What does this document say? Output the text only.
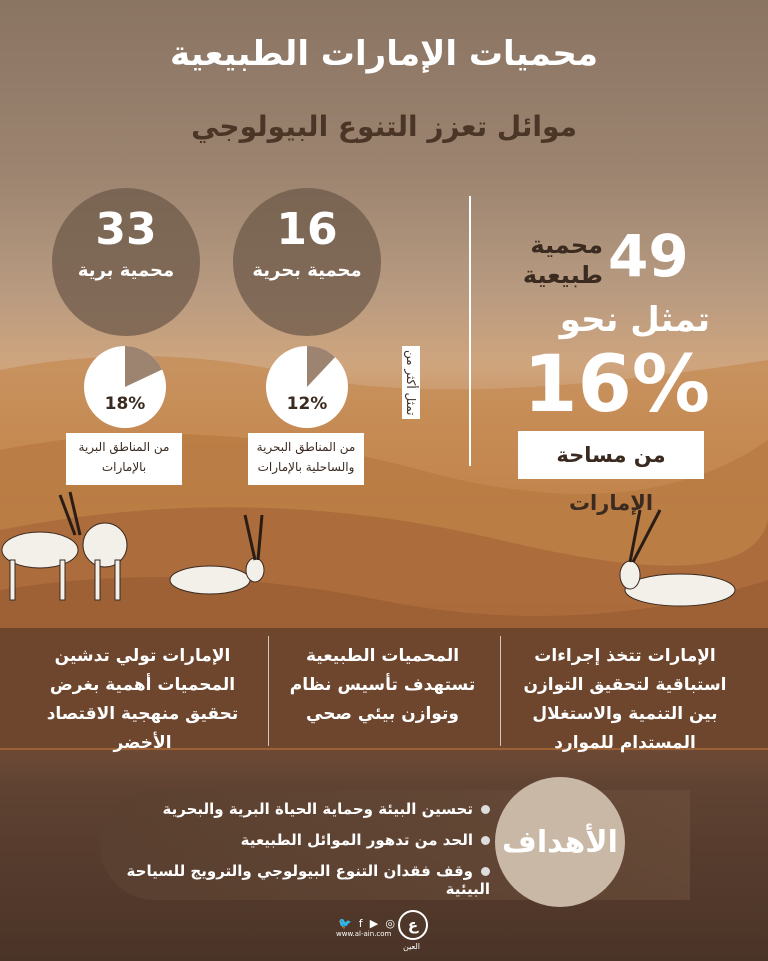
محميات الإمارات الطبيعية
موائل تعزز التنوع البيولوجي
33
محمية برية
16
محمية بحرية
18%	12%
من المناطق البرية
بالإمارات
من المناطق البحرية
والساحلية بالإمارات
تمثل أكثر من
49
محمية
طبيعية
تمثل نحو
16%
من مساحة الإمارات
الإمارات تتخذ إجراءات استباقية لتحقيق التوازن بين التنمية والاستغلال المستدام للموارد
المحميات الطبيعية تستهدف تأسيس نظام وتوازن بيئي صحي
الإمارات تولي تدشين المحميات أهمية بغرض تحقيق منهجية الاقتصاد الأخضر
تحسين البيئة وحماية الحياة البرية والبحرية
الحد من تدهور الموائل الطبيعية
وقف فقدان التنوع البيولوجي والترويج للسياحة البيئية
الأهداف
🐦 f ▶ ◎
www.al-ain.com ع
العين
